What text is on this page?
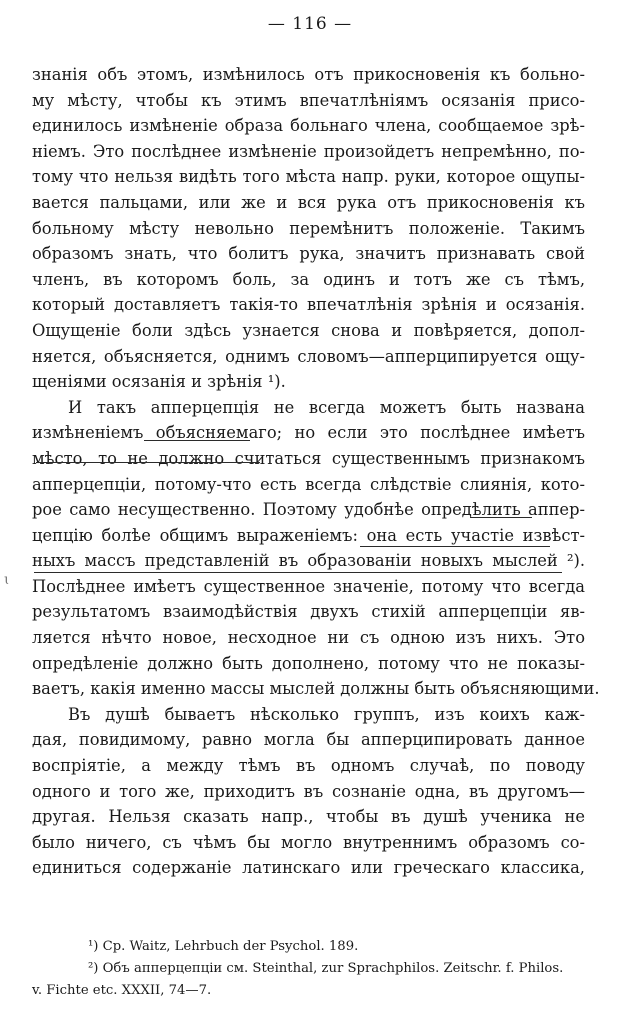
— 116 —
ɩ
знанія объ этомъ, измѣнилось отъ прикосновенія къ больно-
му мѣсту, чтобы къ этимъ впечатлѣніямъ осязанія присо-
единилось измѣненіе образа больнаго члена, сообщаемое зрѣ-
ніемъ. Это послѣднее измѣненіе произойдетъ непремѣнно, по-
тому что нельзя видѣть того мѣста напр. руки, которое ощупы-
вается пальцами, или же и вся рука отъ прикосновенія къ
больному мѣсту невольно перемѣнитъ положеніе. Такимъ
образомъ знать, что болитъ рука, значитъ признавать свой
членъ, въ которомъ боль, за одинъ и тотъ же съ тѣмъ,
который доставляетъ такія-то впечатлѣнія зрѣнія и осязанія.
Ощущеніе боли здѣсь узнается снова и повѣряется, допол-
няется, объясняется, однимъ словомъ—апперципируется ощу-
щеніями осязанія и зрѣнія ¹).
И такъ апперцепція не всегда можетъ быть названа
измѣненіемъ объясняемаго; но если это послѣднее имѣетъ
мѣсто, то не должно считаться существеннымъ признакомъ
апперцепціи, потому-что есть всегда слѣдствіе слиянія, кото-
рое само несущественно. Поэтому удобнѣе опредѣлить аппер-
цепцію болѣе общимъ выраженіемъ: она есть участіе извѣст-
ныхъ массъ представленій въ образованіи новыхъ мыслей ²).
Послѣднее имѣетъ существенное значеніе, потому что всегда
результатомъ взаимодѣйствія двухъ стихій апперцепціи яв-
ляется нѣчто новое, несходное ни съ одною изъ нихъ. Это
опредѣленіе должно быть дополнено, потому что не показы-
ваетъ, какія именно массы мыслей должны быть объясняющими.
Въ душѣ бываетъ нѣсколько группъ, изъ коихъ каж-
дая, повидимому, равно могла бы апперципировать данное
воспріятіе, а между тѣмъ въ одномъ случаѣ, по поводу
одного и того же, приходитъ въ сознаніе одна, въ другомъ—
другая. Нельзя сказать напр., чтобы въ душѣ ученика не
было ничего, съ чѣмъ бы могло внутреннимъ образомъ со-
единиться содержаніе латинскаго или греческаго классика,
¹) Ср. Waitz, Lehrbuch der Psychol. 189.
²) Объ апперцепціи см. Steinthal, zur Sprachphilos. Zeitschr. f. Philos.
v. Fichte etc. XXXII, 74—7.
